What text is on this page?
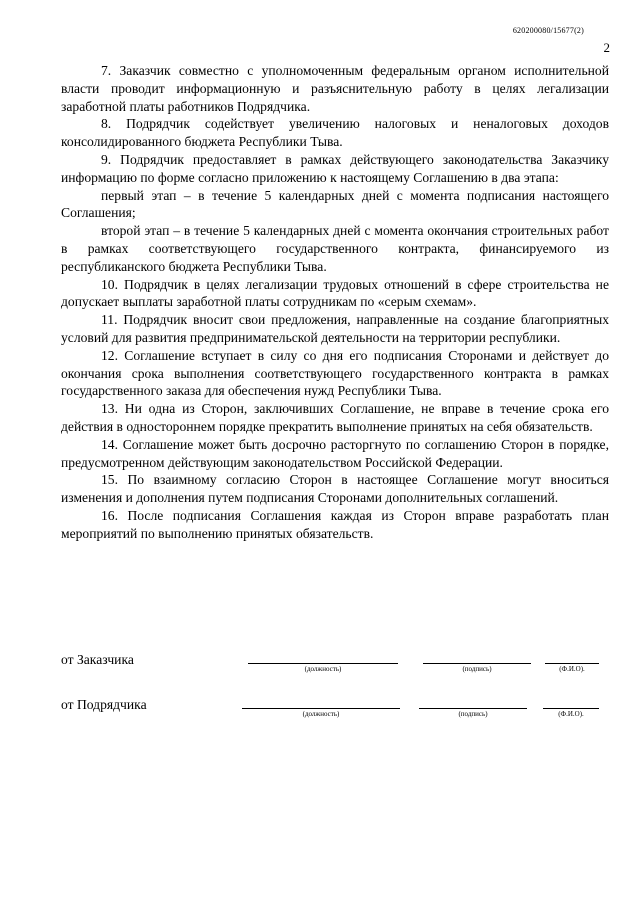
620200080/15677(2)
2

7. Заказчик совместно с уполномоченным федеральным органом исполнительной власти проводит информационную и разъяснительную работу в целях легализации заработной платы работников Подрядчика.

8. Подрядчик содействует увеличению налоговых и неналоговых доходов консолидированного бюджета Республики Тыва.

9. Подрядчик предоставляет в рамках действующего законодательства Заказчику информацию по форме согласно приложению к настоящему Соглашению в два этапа:

первый этап – в течение 5 календарных дней с момента подписания настоящего Соглашения;

второй этап – в течение 5 календарных дней с момента окончания строительных работ в рамках соответствующего государственного контракта, финансируемого из республиканского бюджета Республики Тыва.

10. Подрядчик в целях легализации трудовых отношений в сфере строительства не допускает выплаты заработной платы сотрудникам по «серым схемам».

11. Подрядчик вносит свои предложения, направленные на создание благоприятных условий для развития предпринимательской деятельности на территории республики.

12. Соглашение вступает в силу со дня его подписания Сторонами и действует до окончания срока выполнения соответствующего государственного контракта в рамках государственного заказа для обеспечения нужд Республики Тыва.

13. Ни одна из Сторон, заключивших Соглашение, не вправе в течение срока его действия в одностороннем порядке прекратить выполнение принятых на себя обязательств.

14. Соглашение может быть досрочно расторгнуто по соглашению Сторон в порядке, предусмотренном действующим законодательством Российской Федерации.

15. По взаимному согласию Сторон в настоящее Соглашение могут вноситься изменения и дополнения путем подписания Сторонами дополнительных соглашений.

16. После подписания Соглашения каждая из Сторон вправе разработать план мероприятий по выполнению принятых обязательств.

от Заказчика
(должность)	(подпись)	(Ф.И.О).
от Подрядчика
(должность)	(подпись)	(Ф.И.О).
